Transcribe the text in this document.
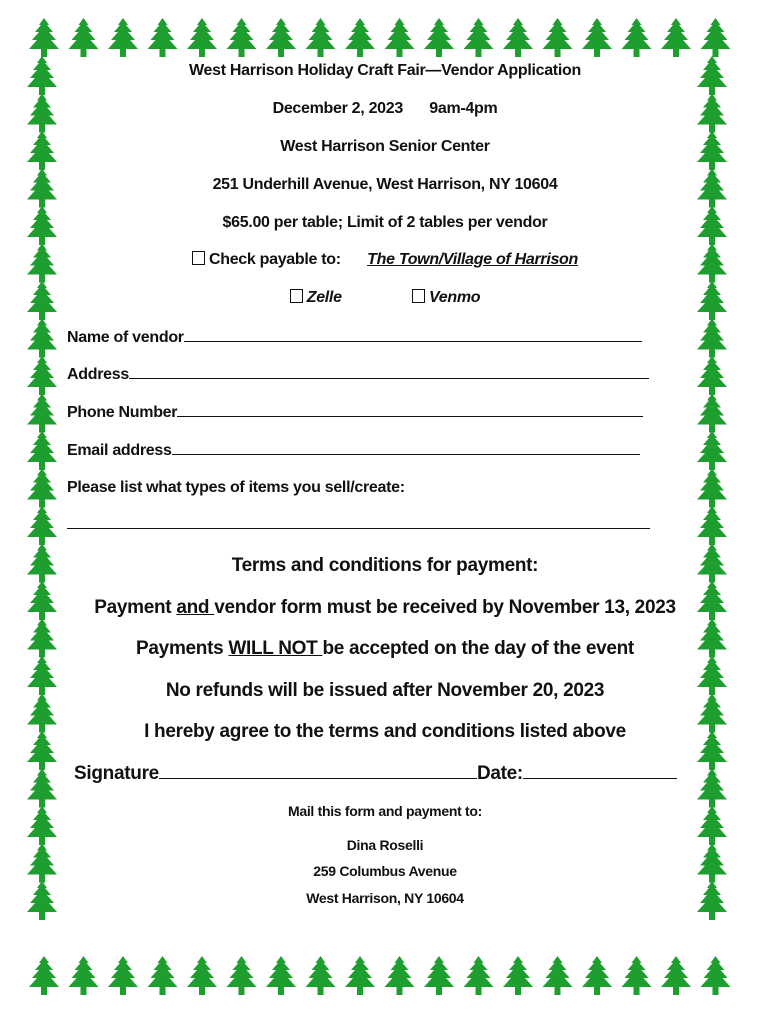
West Harrison Holiday Craft Fair—Vendor Application
December 2, 2023 9am-4pm
West Harrison Senior Center
251 Underhill Avenue, West Harrison, NY 10604
$65.00 per table; Limit of 2 tables per vendor
Check payable to: The Town/Village of Harrison
Zelle	Venmo
Name of vendor
Address
Phone Number
Email address
Please list what types of items you sell/create:
Terms and conditions for payment:
Payment and vendor form must be received by November 13, 2023
Payments WILL NOT be accepted on the day of the event
No refunds will be issued after November 20, 2023
I hereby agree to the terms and conditions listed above
Signature	Date:
Mail this form and payment to:
Dina Roselli
259 Columbus Avenue
West Harrison, NY 10604
